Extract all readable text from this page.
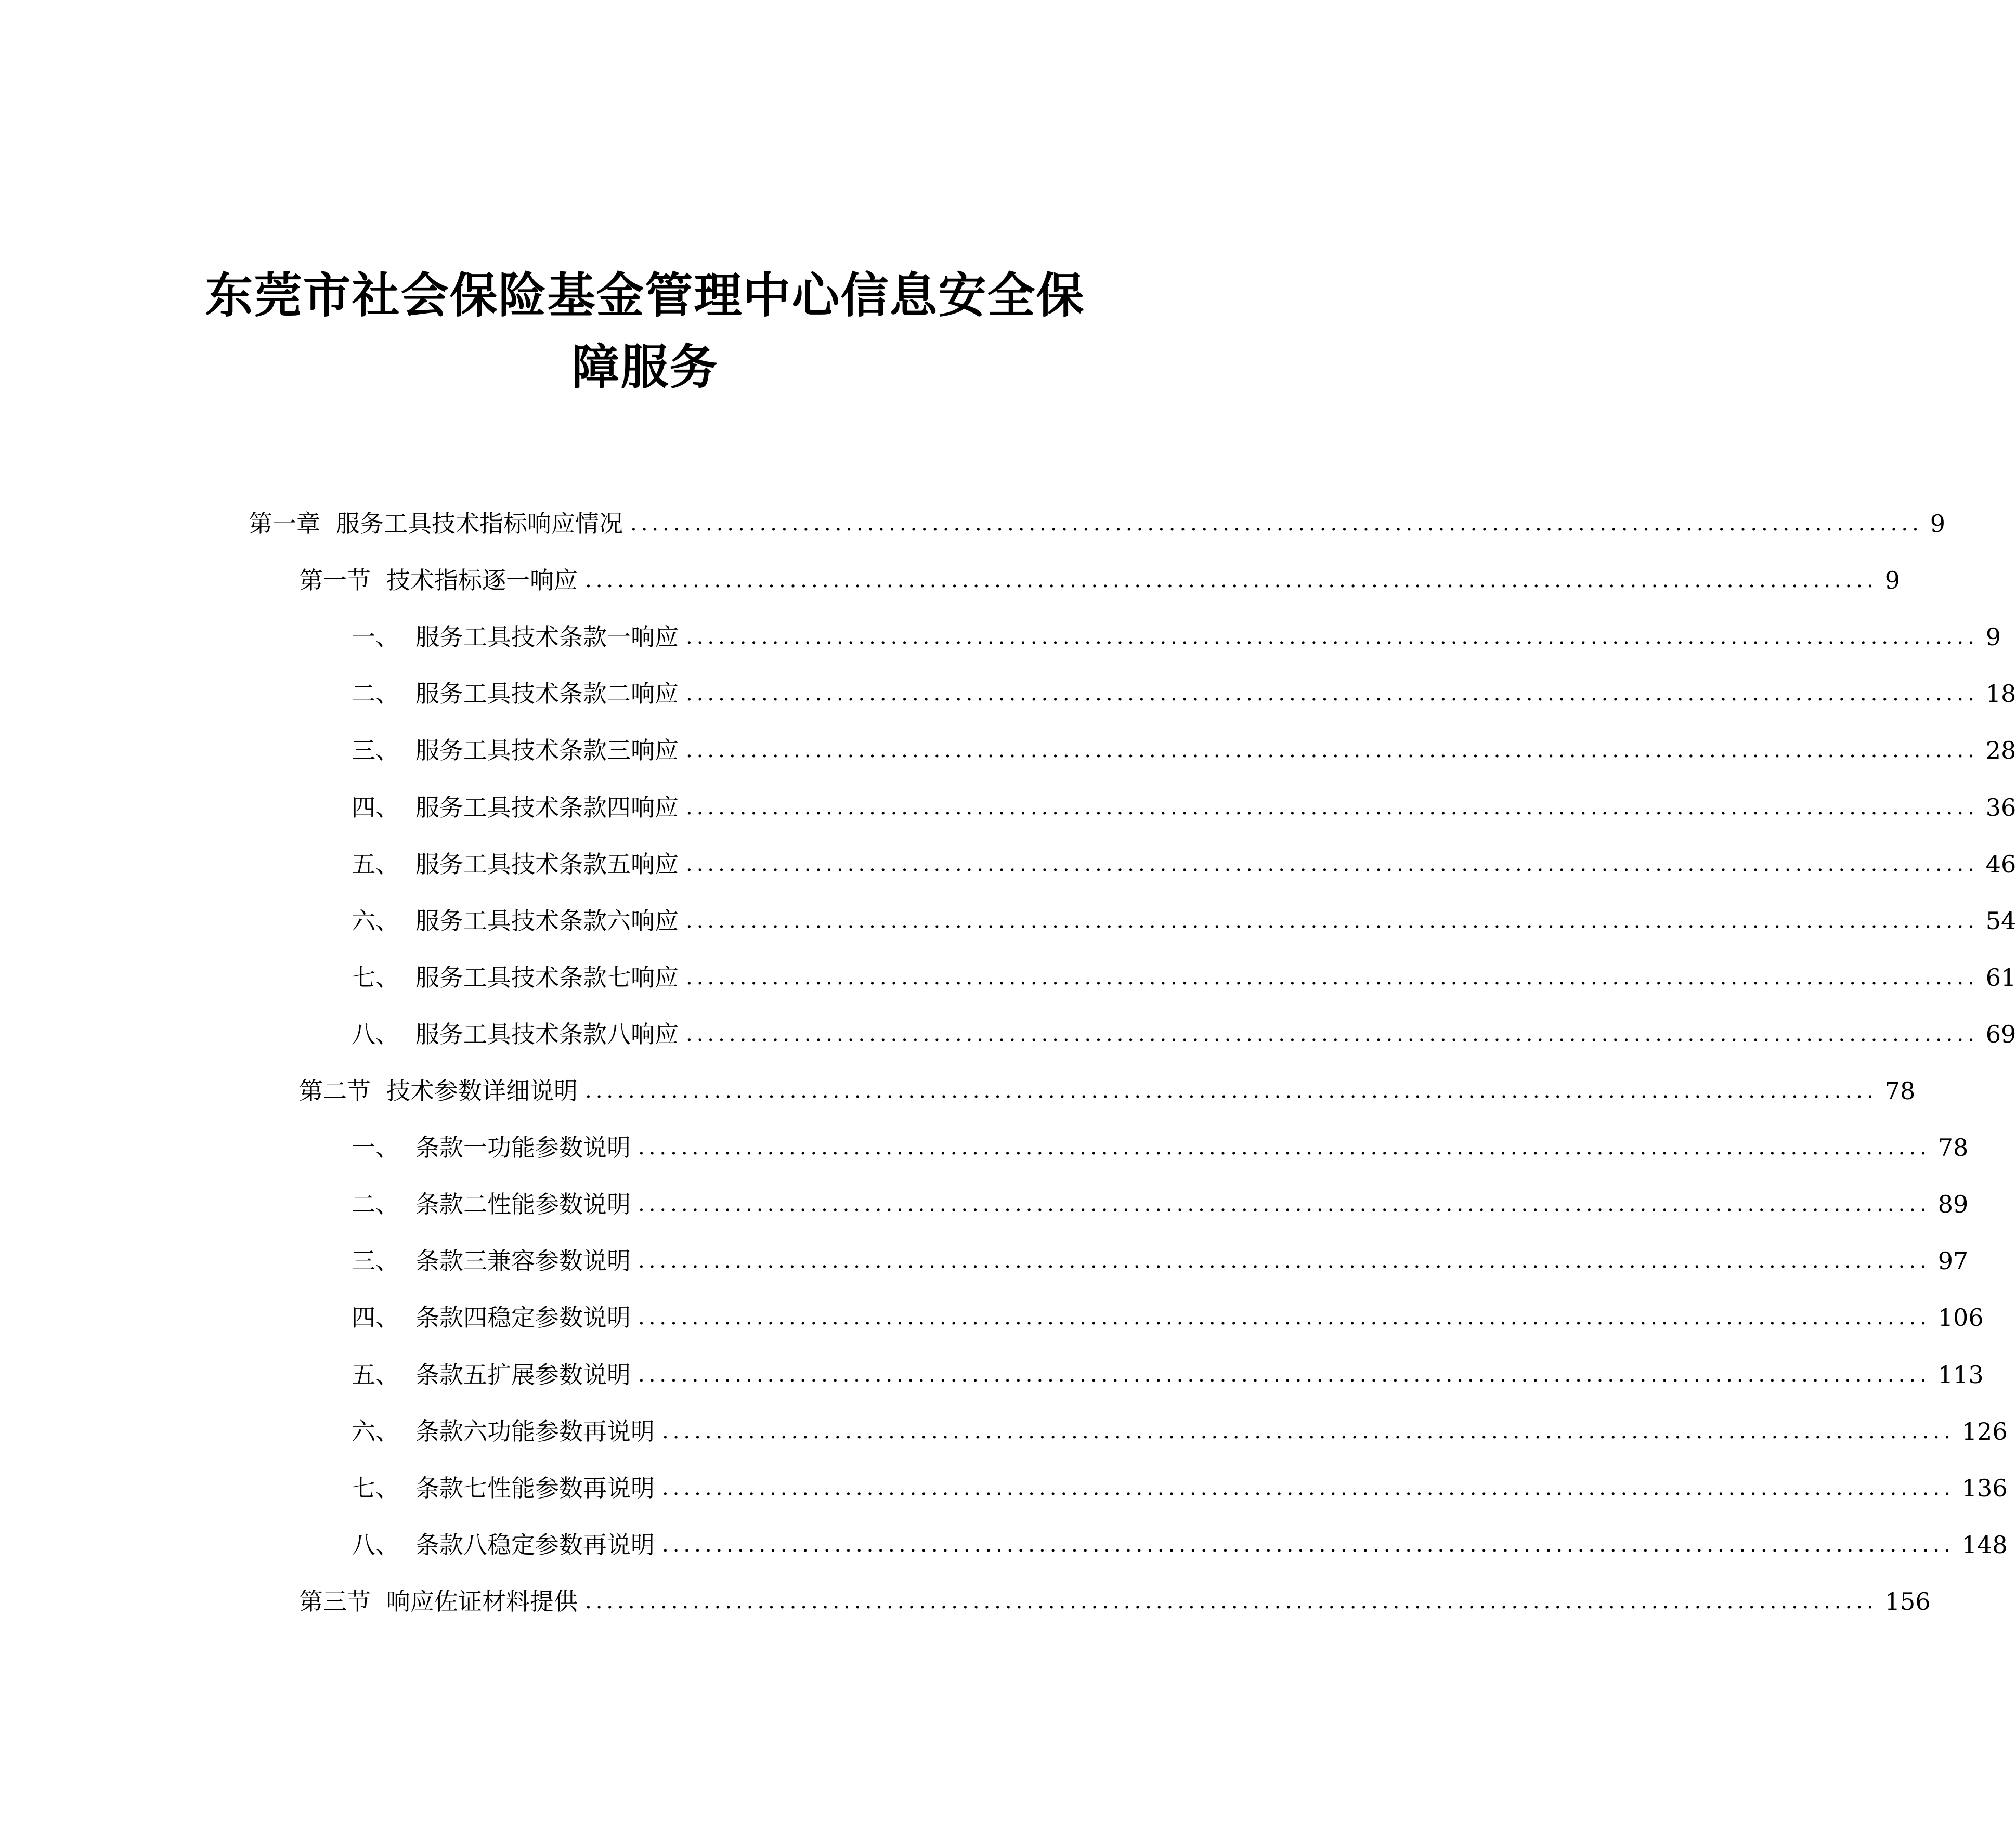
东莞市社会保险基金管理中心信息安全保
障服务
第一章 服务工具技术指标响应情况 ........................................................................................................................ 9
第一节 技术指标逐一响应 ........................................................................................................................ 9
一、 服务工具技术条款一响应 ........................................................................................................................ 9
二、 服务工具技术条款二响应 ........................................................................................................................ 18
三、 服务工具技术条款三响应 ........................................................................................................................ 28
四、 服务工具技术条款四响应 ........................................................................................................................ 36
五、 服务工具技术条款五响应 ........................................................................................................................ 46
六、 服务工具技术条款六响应 ........................................................................................................................ 54
七、 服务工具技术条款七响应 ........................................................................................................................ 61
八、 服务工具技术条款八响应 ........................................................................................................................ 69
第二节 技术参数详细说明 ........................................................................................................................ 78
一、 条款一功能参数说明 ........................................................................................................................ 78
二、 条款二性能参数说明 ........................................................................................................................ 89
三、 条款三兼容参数说明 ........................................................................................................................ 97
四、 条款四稳定参数说明 ........................................................................................................................ 106
五、 条款五扩展参数说明 ........................................................................................................................ 113
六、 条款六功能参数再说明 ........................................................................................................................ 126
七、 条款七性能参数再说明 ........................................................................................................................ 136
八、 条款八稳定参数再说明 ........................................................................................................................ 148
第三节 响应佐证材料提供 ........................................................................................................................ 156
